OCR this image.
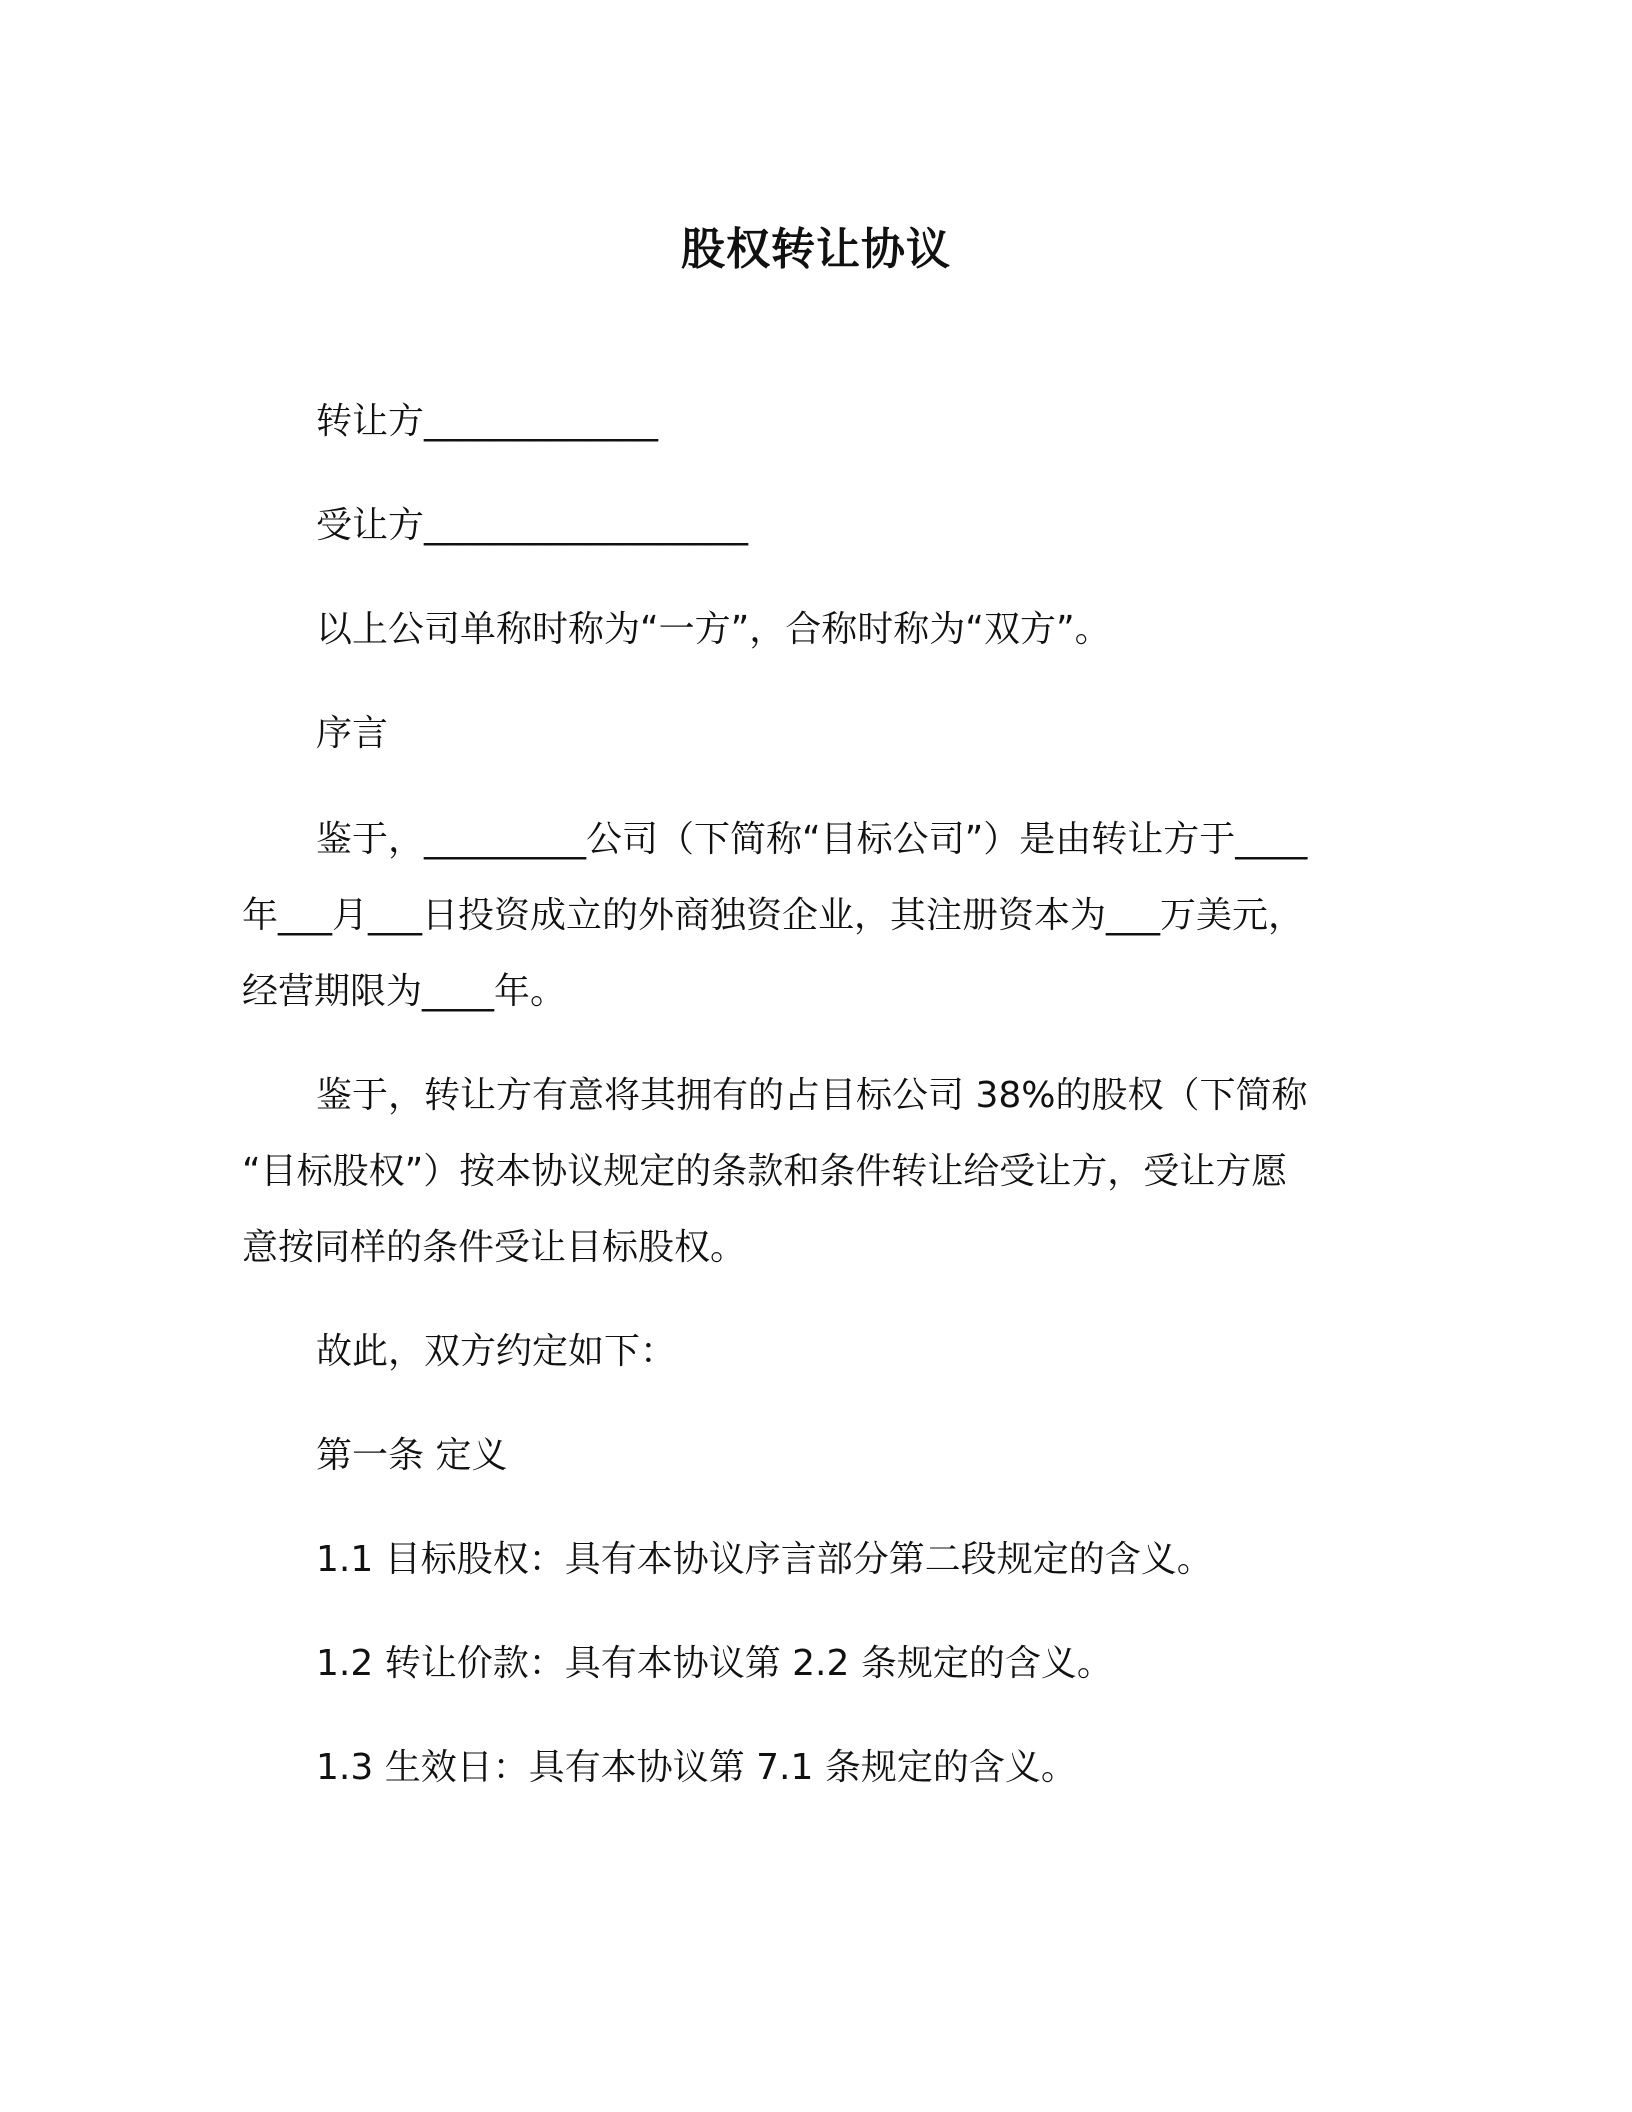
股权转让协议

转让方_____________

受让方__________________

以上公司单称时称为“一方”，合称时称为“双方”。

序言

鉴于，_________公司（下简称“目标公司”）是由转让方于____

年___月___日投资成立的外商独资企业，其注册资本为___万美元，

经营期限为____年。

鉴于，转让方有意将其拥有的占目标公司 38%的股权（下简称

“目标股权”）按本协议规定的条款和条件转让给受让方，受让方愿

意按同样的条件受让目标股权。

故此，双方约定如下：

第一条 定义

1.1 目标股权：具有本协议序言部分第二段规定的含义。

1.2 转让价款：具有本协议第 2.2 条规定的含义。

1.3 生效日：具有本协议第 7.1 条规定的含义。
